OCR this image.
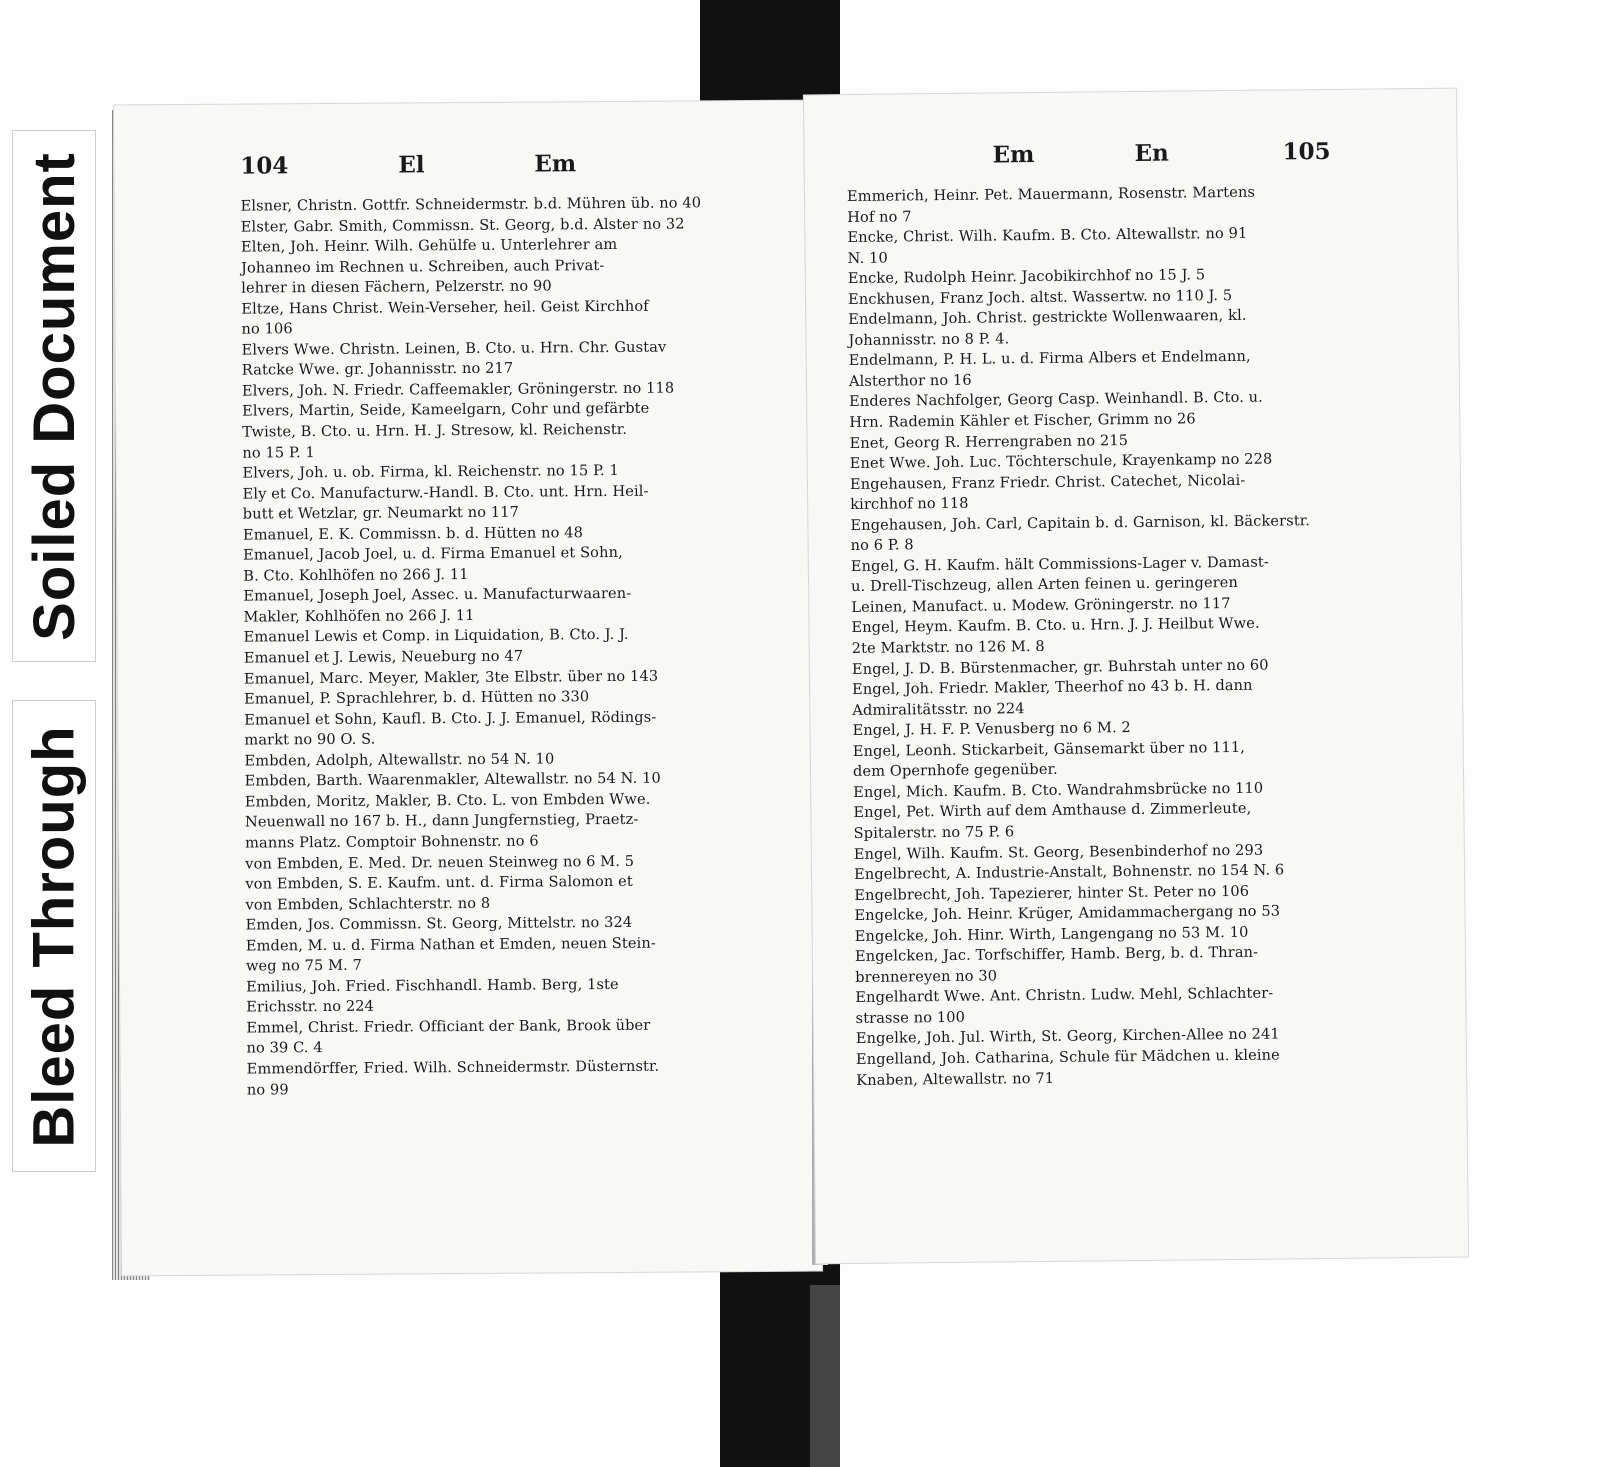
Soiled Document
Bleed Through
104	El	Em
Elsner, Christn. Gottfr. Schneidermstr. b.d. Mühren üb. no 40
Elster, Gabr. Smith, Commissn. St. Georg, b.d. Alster no 32
Elten, Joh. Heinr. Wilh. Gehülfe u. Unterlehrer am
Johanneo im Rechnen u. Schreiben, auch Privat-
lehrer in diesen Fächern, Pelzerstr. no 90
Eltze, Hans Christ. Wein-Verseher, heil. Geist Kirchhof
no 106
Elvers Wwe. Christn. Leinen, B. Cto. u. Hrn. Chr. Gustav
Ratcke Wwe. gr. Johannisstr. no 217
Elvers, Joh. N. Friedr. Caffeemakler, Gröningerstr. no 118
Elvers, Martin, Seide, Kameelgarn, Cohr und gefärbte
Twiste, B. Cto. u. Hrn. H. J. Stresow, kl. Reichenstr.
no 15 P. 1
Elvers, Joh. u. ob. Firma, kl. Reichenstr. no 15 P. 1
Ely et Co. Manufacturw.-Handl. B. Cto. unt. Hrn. Heil-
butt et Wetzlar, gr. Neumarkt no 117
Emanuel, E. K. Commissn. b. d. Hütten no 48
Emanuel, Jacob Joel, u. d. Firma Emanuel et Sohn,
B. Cto. Kohlhöfen no 266 J. 11
Emanuel, Joseph Joel, Assec. u. Manufacturwaaren-
Makler, Kohlhöfen no 266 J. 11
Emanuel Lewis et Comp. in Liquidation, B. Cto. J. J.
Emanuel et J. Lewis, Neueburg no 47
Emanuel, Marc. Meyer, Makler, 3te Elbstr. über no 143
Emanuel, P. Sprachlehrer, b. d. Hütten no 330
Emanuel et Sohn, Kaufl. B. Cto. J. J. Emanuel, Rödings-
markt no 90 O. S.
Embden, Adolph, Altewallstr. no 54 N. 10
Embden, Barth. Waarenmakler, Altewallstr. no 54 N. 10
Embden, Moritz, Makler, B. Cto. L. von Embden Wwe.
Neuenwall no 167 b. H., dann Jungfernstieg, Praetz-
manns Platz. Comptoir Bohnenstr. no 6
von Embden, E. Med. Dr. neuen Steinweg no 6 M. 5
von Embden, S. E. Kaufm. unt. d. Firma Salomon et
von Embden, Schlachterstr. no 8
Emden, Jos. Commissn. St. Georg, Mittelstr. no 324
Emden, M. u. d. Firma Nathan et Emden, neuen Stein-
weg no 75 M. 7
Emilius, Joh. Fried. Fischhandl. Hamb. Berg, 1ste
Erichsstr. no 224
Emmel, Christ. Friedr. Officiant der Bank, Brook über
no 39 C. 4
Emmendörffer, Fried. Wilh. Schneidermstr. Düsternstr.
no 99
Em	En	105
Emmerich, Heinr. Pet. Mauermann, Rosenstr. Martens
Hof no 7
Encke, Christ. Wilh. Kaufm. B. Cto. Altewallstr. no 91
N. 10
Encke, Rudolph Heinr. Jacobikirchhof no 15 J. 5
Enckhusen, Franz Joch. altst. Wassertw. no 110 J. 5
Endelmann, Joh. Christ. gestrickte Wollenwaaren, kl.
Johannisstr. no 8 P. 4.
Endelmann, P. H. L. u. d. Firma Albers et Endelmann,
Alsterthor no 16
Enderes Nachfolger, Georg Casp. Weinhandl. B. Cto. u.
Hrn. Rademin Kähler et Fischer, Grimm no 26
Enet, Georg R. Herrengraben no 215
Enet Wwe. Joh. Luc. Töchterschule, Krayenkamp no 228
Engehausen, Franz Friedr. Christ. Catechet, Nicolai-
kirchhof no 118
Engehausen, Joh. Carl, Capitain b. d. Garnison, kl. Bäckerstr.
no 6 P. 8
Engel, G. H. Kaufm. hält Commissions-Lager v. Damast-
u. Drell-Tischzeug, allen Arten feinen u. geringeren
Leinen, Manufact. u. Modew. Gröningerstr. no 117
Engel, Heym. Kaufm. B. Cto. u. Hrn. J. J. Heilbut Wwe.
2te Marktstr. no 126 M. 8
Engel, J. D. B. Bürstenmacher, gr. Buhrstah unter no 60
Engel, Joh. Friedr. Makler, Theerhof no 43 b. H. dann
Admiralitätsstr. no 224
Engel, J. H. F. P. Venusberg no 6 M. 2
Engel, Leonh. Stickarbeit, Gänsemarkt über no 111,
dem Opernhofe gegenüber.
Engel, Mich. Kaufm. B. Cto. Wandrahmsbrücke no 110
Engel, Pet. Wirth auf dem Amthause d. Zimmerleute,
Spitalerstr. no 75 P. 6
Engel, Wilh. Kaufm. St. Georg, Besenbinderhof no 293
Engelbrecht, A. Industrie-Anstalt, Bohnenstr. no 154 N. 6
Engelbrecht, Joh. Tapezierer, hinter St. Peter no 106
Engelcke, Joh. Heinr. Krüger, Amidammachergang no 53
Engelcke, Joh. Hinr. Wirth, Langengang no 53 M. 10
Engelcken, Jac. Torfschiffer, Hamb. Berg, b. d. Thran-
brennereyen no 30
Engelhardt Wwe. Ant. Christn. Ludw. Mehl, Schlachter-
strasse no 100
Engelke, Joh. Jul. Wirth, St. Georg, Kirchen-Allee no 241
Engelland, Joh. Catharina, Schule für Mädchen u. kleine
Knaben, Altewallstr. no 71
